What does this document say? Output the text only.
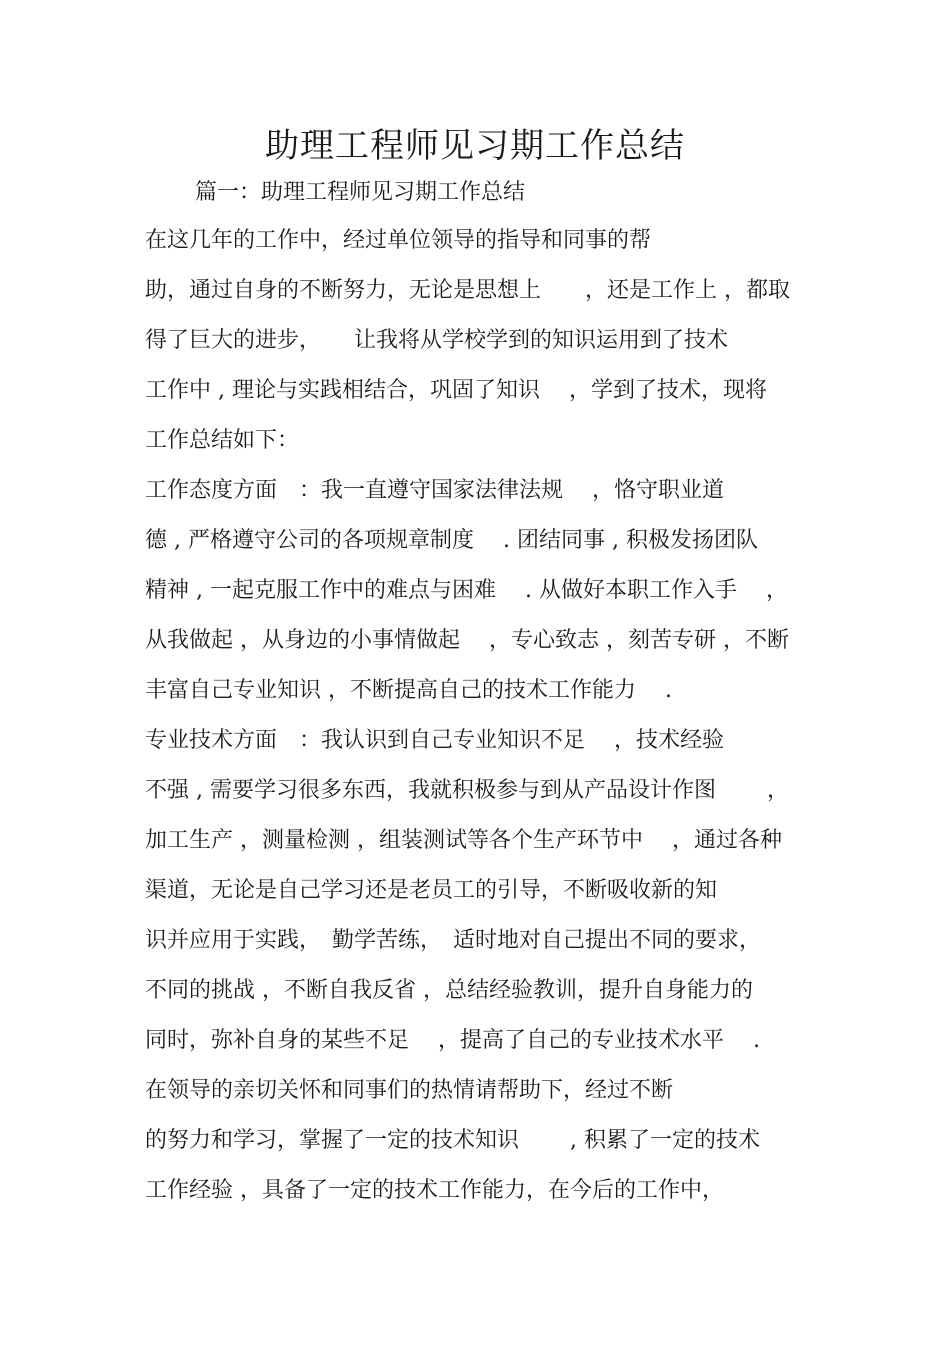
助理工程师见习期工作总结
篇一：助理工程师见习期工作总结
在这几年的工作中，经过单位领导的指导和同事的帮
助，通过自身的不断努力，无论是思想上　　，还是工作上 ，都取
得了巨大的进步，　　让我将从学校学到的知识运用到了技术
工作中 , 理论与实践相结合，巩固了知识　 ，学到了技术，现将
工作总结如下：
工作态度方面　：我一直遵守国家法律法规　 ，恪守职业道
德 , 严格遵守公司的各项规章制度　 . 团结同事 , 积极发扬团队
精神 , 一起克服工作中的难点与困难　 . 从做好本职工作入手　 ，
从我做起 ，从身边的小事情做起　 ，专心致志 ，刻苦专研 ，不断
丰富自己专业知识 ，不断提高自己的技术工作能力　 .
专业技术方面　：我认识到自己专业知识不足　 ，技术经验
不强 , 需要学习很多东西，我就积极参与到从产品设计作图　　 ，
加工生产 ，测量检测 ，组装测试等各个生产环节中　 ，通过各种
渠道，无论是自己学习还是老员工的引导，不断吸收新的知
识并应用于实践，　勤学苦练，　适时地对自己提出不同的要求，
不同的挑战 ，不断自我反省 ，总结经验教训，提升自身能力的
同时，弥补自身的某些不足　 ，提高了自己的专业技术水平　 .
在领导的亲切关怀和同事们的热情请帮助下，经过不断
的努力和学习，掌握了一定的技术知识　　 , 积累了一定的技术
工作经验 ，具备了一定的技术工作能力，在今后的工作中，
